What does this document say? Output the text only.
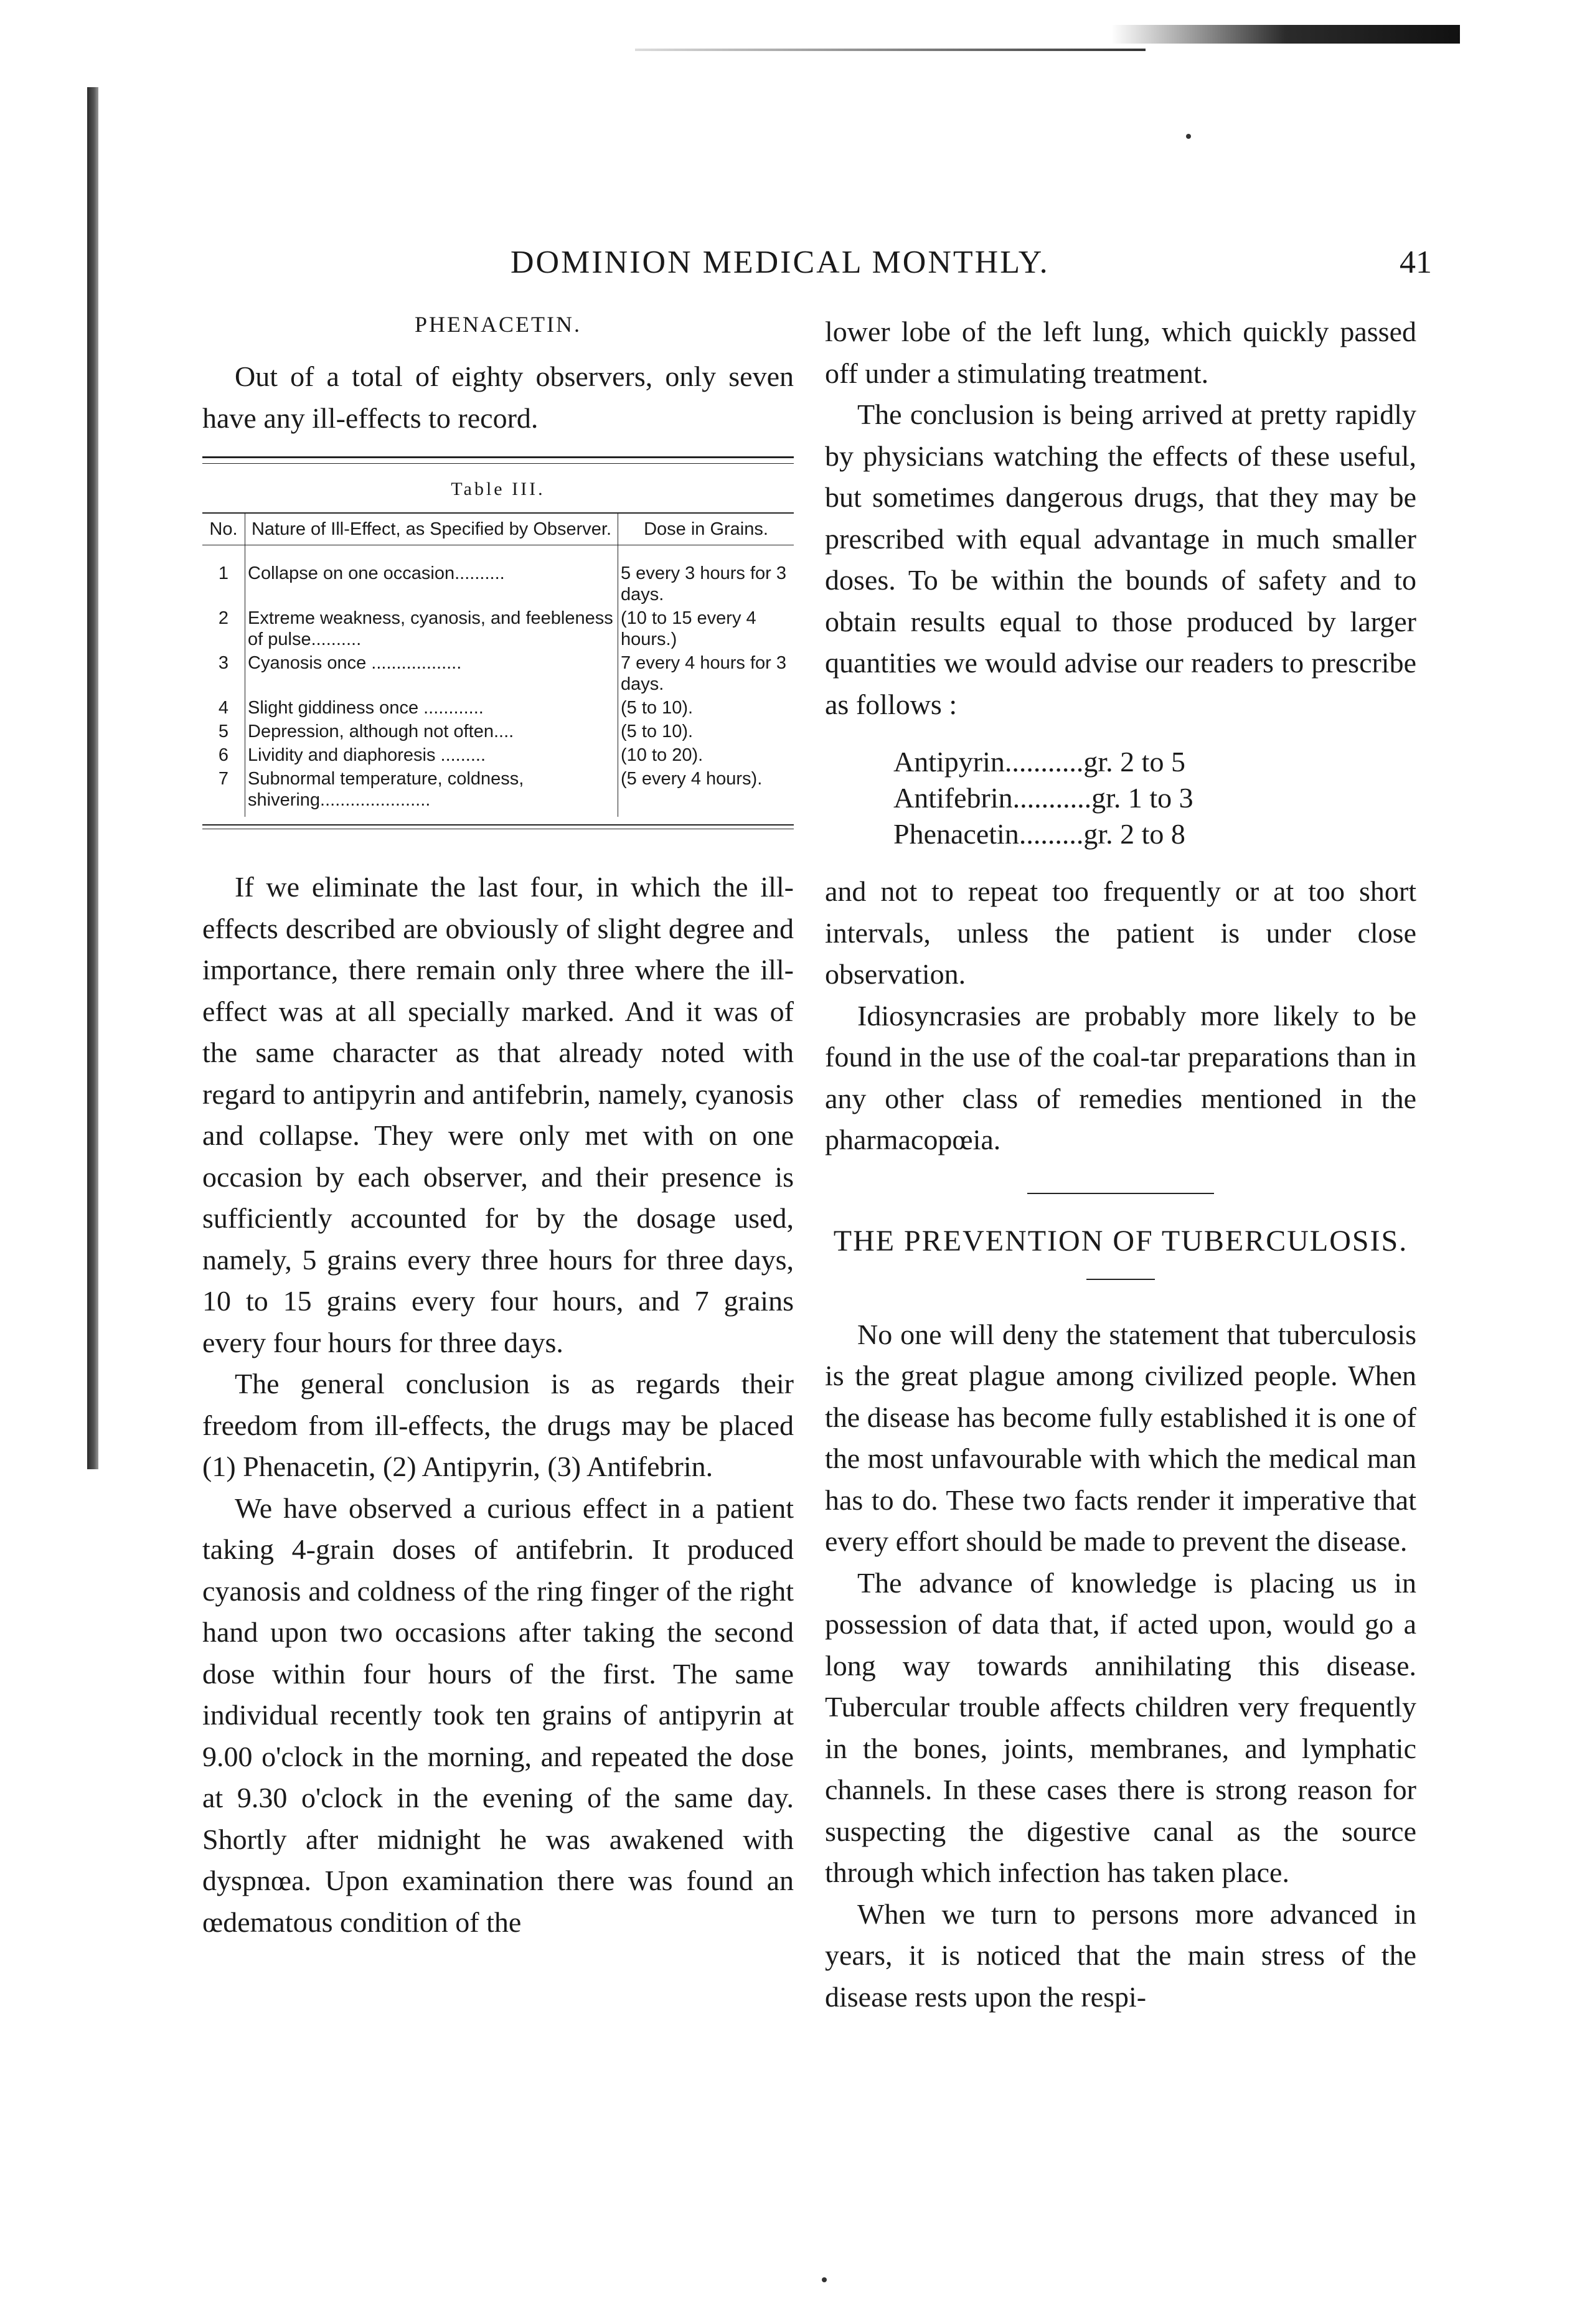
DOMINION MEDICAL MONTHLY.	41
PHENACETIN.

Out of a total of eighty observers, only seven have any ill-effects to record.

Table III.
No.	Nature of Ill-Effect, as Specified by Observer.	Dose in Grains.
1	Collapse on one occasion..........	5 every 3 hours for 3 days.
2	Extreme weakness, cyanosis, and feebleness of pulse..........	(10 to 15 every 4 hours.)
3	Cyanosis once ..................	7 every 4 hours for 3 days.
4	Slight giddiness once ............	(5 to 10).
5	Depression, although not often....	(5 to 10).
6	Lividity and diaphoresis .........	(10 to 20).
7	Subnormal temperature, coldness, shivering......................	(5 every 4 hours).

If we eliminate the last four, in which the ill-effects described are obviously of slight degree and importance, there remain only three where the ill-effect was at all specially marked. And it was of the same character as that already noted with regard to antipyrin and antifebrin, namely, cyanosis and collapse. They were only met with on one occasion by each observer, and their presence is sufficiently accounted for by the dosage used, namely, 5 grains every three hours for three days, 10 to 15 grains every four hours, and 7 grains every four hours for three days.

The general conclusion is as regards their freedom from ill-effects, the drugs may be placed (1) Phenacetin, (2) Antipyrin, (3) Antifebrin.

We have observed a curious effect in a patient taking 4-grain doses of antifebrin. It produced cyanosis and coldness of the ring finger of the right hand upon two occasions after taking the second dose within four hours of the first. The same individual recently took ten grains of antipyrin at 9.00 o'clock in the morning, and repeated the dose at 9.30 o'clock in the evening of the same day. Shortly after midnight he was awakened with dyspnœa. Upon examination there was found an œdematous condition of the

lower lobe of the left lung, which quickly passed off under a stimulating treatment.

The conclusion is being arrived at pretty rapidly by physicians watching the effects of these useful, but sometimes dangerous drugs, that they may be prescribed with equal advantage in much smaller doses. To be within the bounds of safety and to obtain results equal to those produced by larger quantities we would advise our readers to prescribe as follows :

Antipyrin...........gr. 2 to 5
Antifebrin...........gr. 1 to 3
Phenacetin.........gr. 2 to 8

and not to repeat too frequently or at too short intervals, unless the patient is under close observation.

Idiosyncrasies are probably more likely to be found in the use of the coal-tar preparations than in any other class of remedies mentioned in the pharmacopœia.

THE PREVENTION OF TUBERCULOSIS.

No one will deny the statement that tuberculosis is the great plague among civilized people. When the disease has become fully established it is one of the most unfavourable with which the medical man has to do. These two facts render it imperative that every effort should be made to prevent the disease.

The advance of knowledge is placing us in possession of data that, if acted upon, would go a long way towards annihilating this disease. Tubercular trouble affects children very frequently in the bones, joints, membranes, and lymphatic channels. In these cases there is strong reason for suspecting the digestive canal as the source through which infection has taken place.

When we turn to persons more advanced in years, it is noticed that the main stress of the disease rests upon the respi-
